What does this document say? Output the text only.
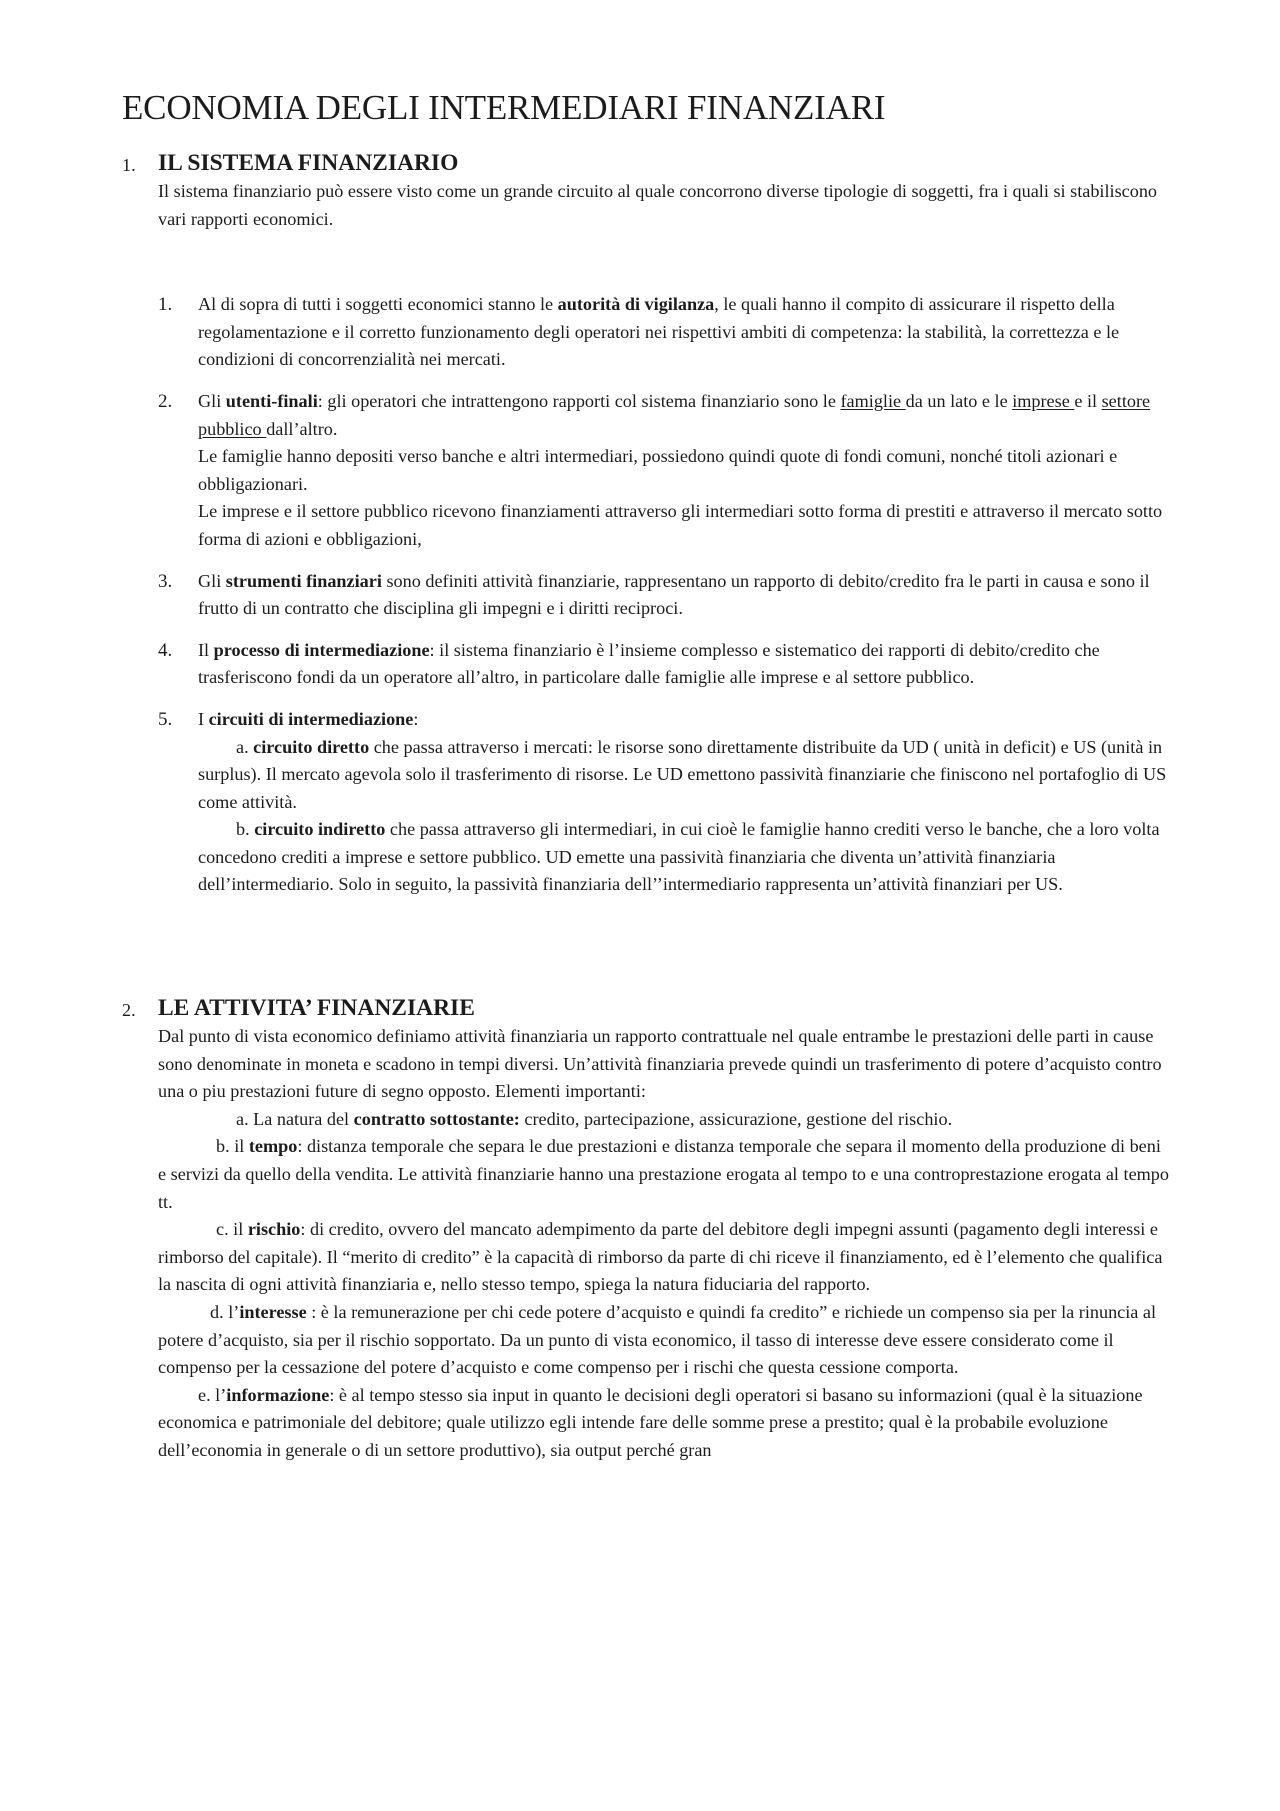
ECONOMIA DEGLI INTERMEDIARI FINANZIARI
1. IL SISTEMA FINANZIARIO

Il sistema finanziario può essere visto come un grande circuito al quale concorrono diverse tipologie di soggetti, fra i quali si stabiliscono vari rapporti economici.

1. Al di sopra di tutti i soggetti economici stanno le autorità di vigilanza, le quali hanno il compito di assicurare il rispetto della regolamentazione e il corretto funzionamento degli operatori nei rispettivi ambiti di competenza: la stabilità, la correttezza e le condizioni di concorrenzialità nei mercati.

2. Gli utenti-finali: gli operatori che intrattengono rapporti col sistema finanziario sono le famiglie da un lato e le imprese e il settore pubblico dall’altro.

Le famiglie hanno depositi verso banche e altri intermediari, possiedono quindi quote di fondi comuni, nonché titoli azionari e obbligazionari.

Le imprese e il settore pubblico ricevono finanziamenti attraverso gli intermediari sotto forma di prestiti e attraverso il mercato sotto forma di azioni e obbligazioni,

3. Gli strumenti finanziari sono definiti attività finanziarie, rappresentano un rapporto di debito/credito fra le parti in causa e sono il frutto di un contratto che disciplina gli impegni e i diritti reciproci.

4. Il processo di intermediazione: il sistema finanziario è l’insieme complesso e sistematico dei rapporti di debito/credito che trasferiscono fondi da un operatore all’altro, in particolare dalle famiglie alle imprese e al settore pubblico.

5. I circuiti di intermediazione:

a. circuito diretto che passa attraverso i mercati: le risorse sono direttamente distribuite da UD ( unità in deficit) e US (unità in surplus). Il mercato agevola solo il trasferimento di risorse. Le UD emettono passività finanziarie che finiscono nel portafoglio di US come attività.

b. circuito indiretto che passa attraverso gli intermediari, in cui cioè le famiglie hanno crediti verso le banche, che a loro volta concedono crediti a imprese e settore pubblico. UD emette una passività finanziaria che diventa un’attività finanziaria dell’intermediario. Solo in seguito, la passività finanziaria dell’’intermediario rappresenta un’attività finanziari per US.

2. LE ATTIVITA’ FINANZIARIE

Dal punto di vista economico definiamo attività finanziaria un rapporto contrattuale nel quale entrambe le prestazioni delle parti in cause sono denominate in moneta e scadono in tempi diversi. Un’attività finanziaria prevede quindi un trasferimento di potere d’acquisto contro una o piu prestazioni future di segno opposto. Elementi importanti:

a. La natura del contratto sottostante: credito, partecipazione, assicurazione, gestione del rischio.

b. il tempo: distanza temporale che separa le due prestazioni e distanza temporale che separa il momento della produzione di beni e servizi da quello della vendita. Le attività finanziarie hanno una prestazione erogata al tempo to e una controprestazione erogata al tempo tt.

c. il rischio: di credito, ovvero del mancato adempimento da parte del debitore degli impegni assunti (pagamento degli interessi e rimborso del capitale). Il “merito di credito” è la capacità di rimborso da parte di chi riceve il finanziamento, ed è l’elemento che qualifica la nascita di ogni attività finanziaria e, nello stesso tempo, spiega la natura fiduciaria del rapporto.

d. l’interesse : è la remunerazione per chi cede potere d’acquisto e quindi fa credito” e richiede un compenso sia per la rinuncia al potere d’acquisto, sia per il rischio sopportato. Da un punto di vista economico, il tasso di interesse deve essere considerato come il compenso per la cessazione del potere d’acquisto e come compenso per i rischi che questa cessione comporta.

e. l’informazione: è al tempo stesso sia input in quanto le decisioni degli operatori si basano su informazioni (qual è la situazione economica e patrimoniale del debitore; quale utilizzo egli intende fare delle somme prese a prestito; qual è la probabile evoluzione dell’economia in generale o di un settore produttivo), sia output perché gran
